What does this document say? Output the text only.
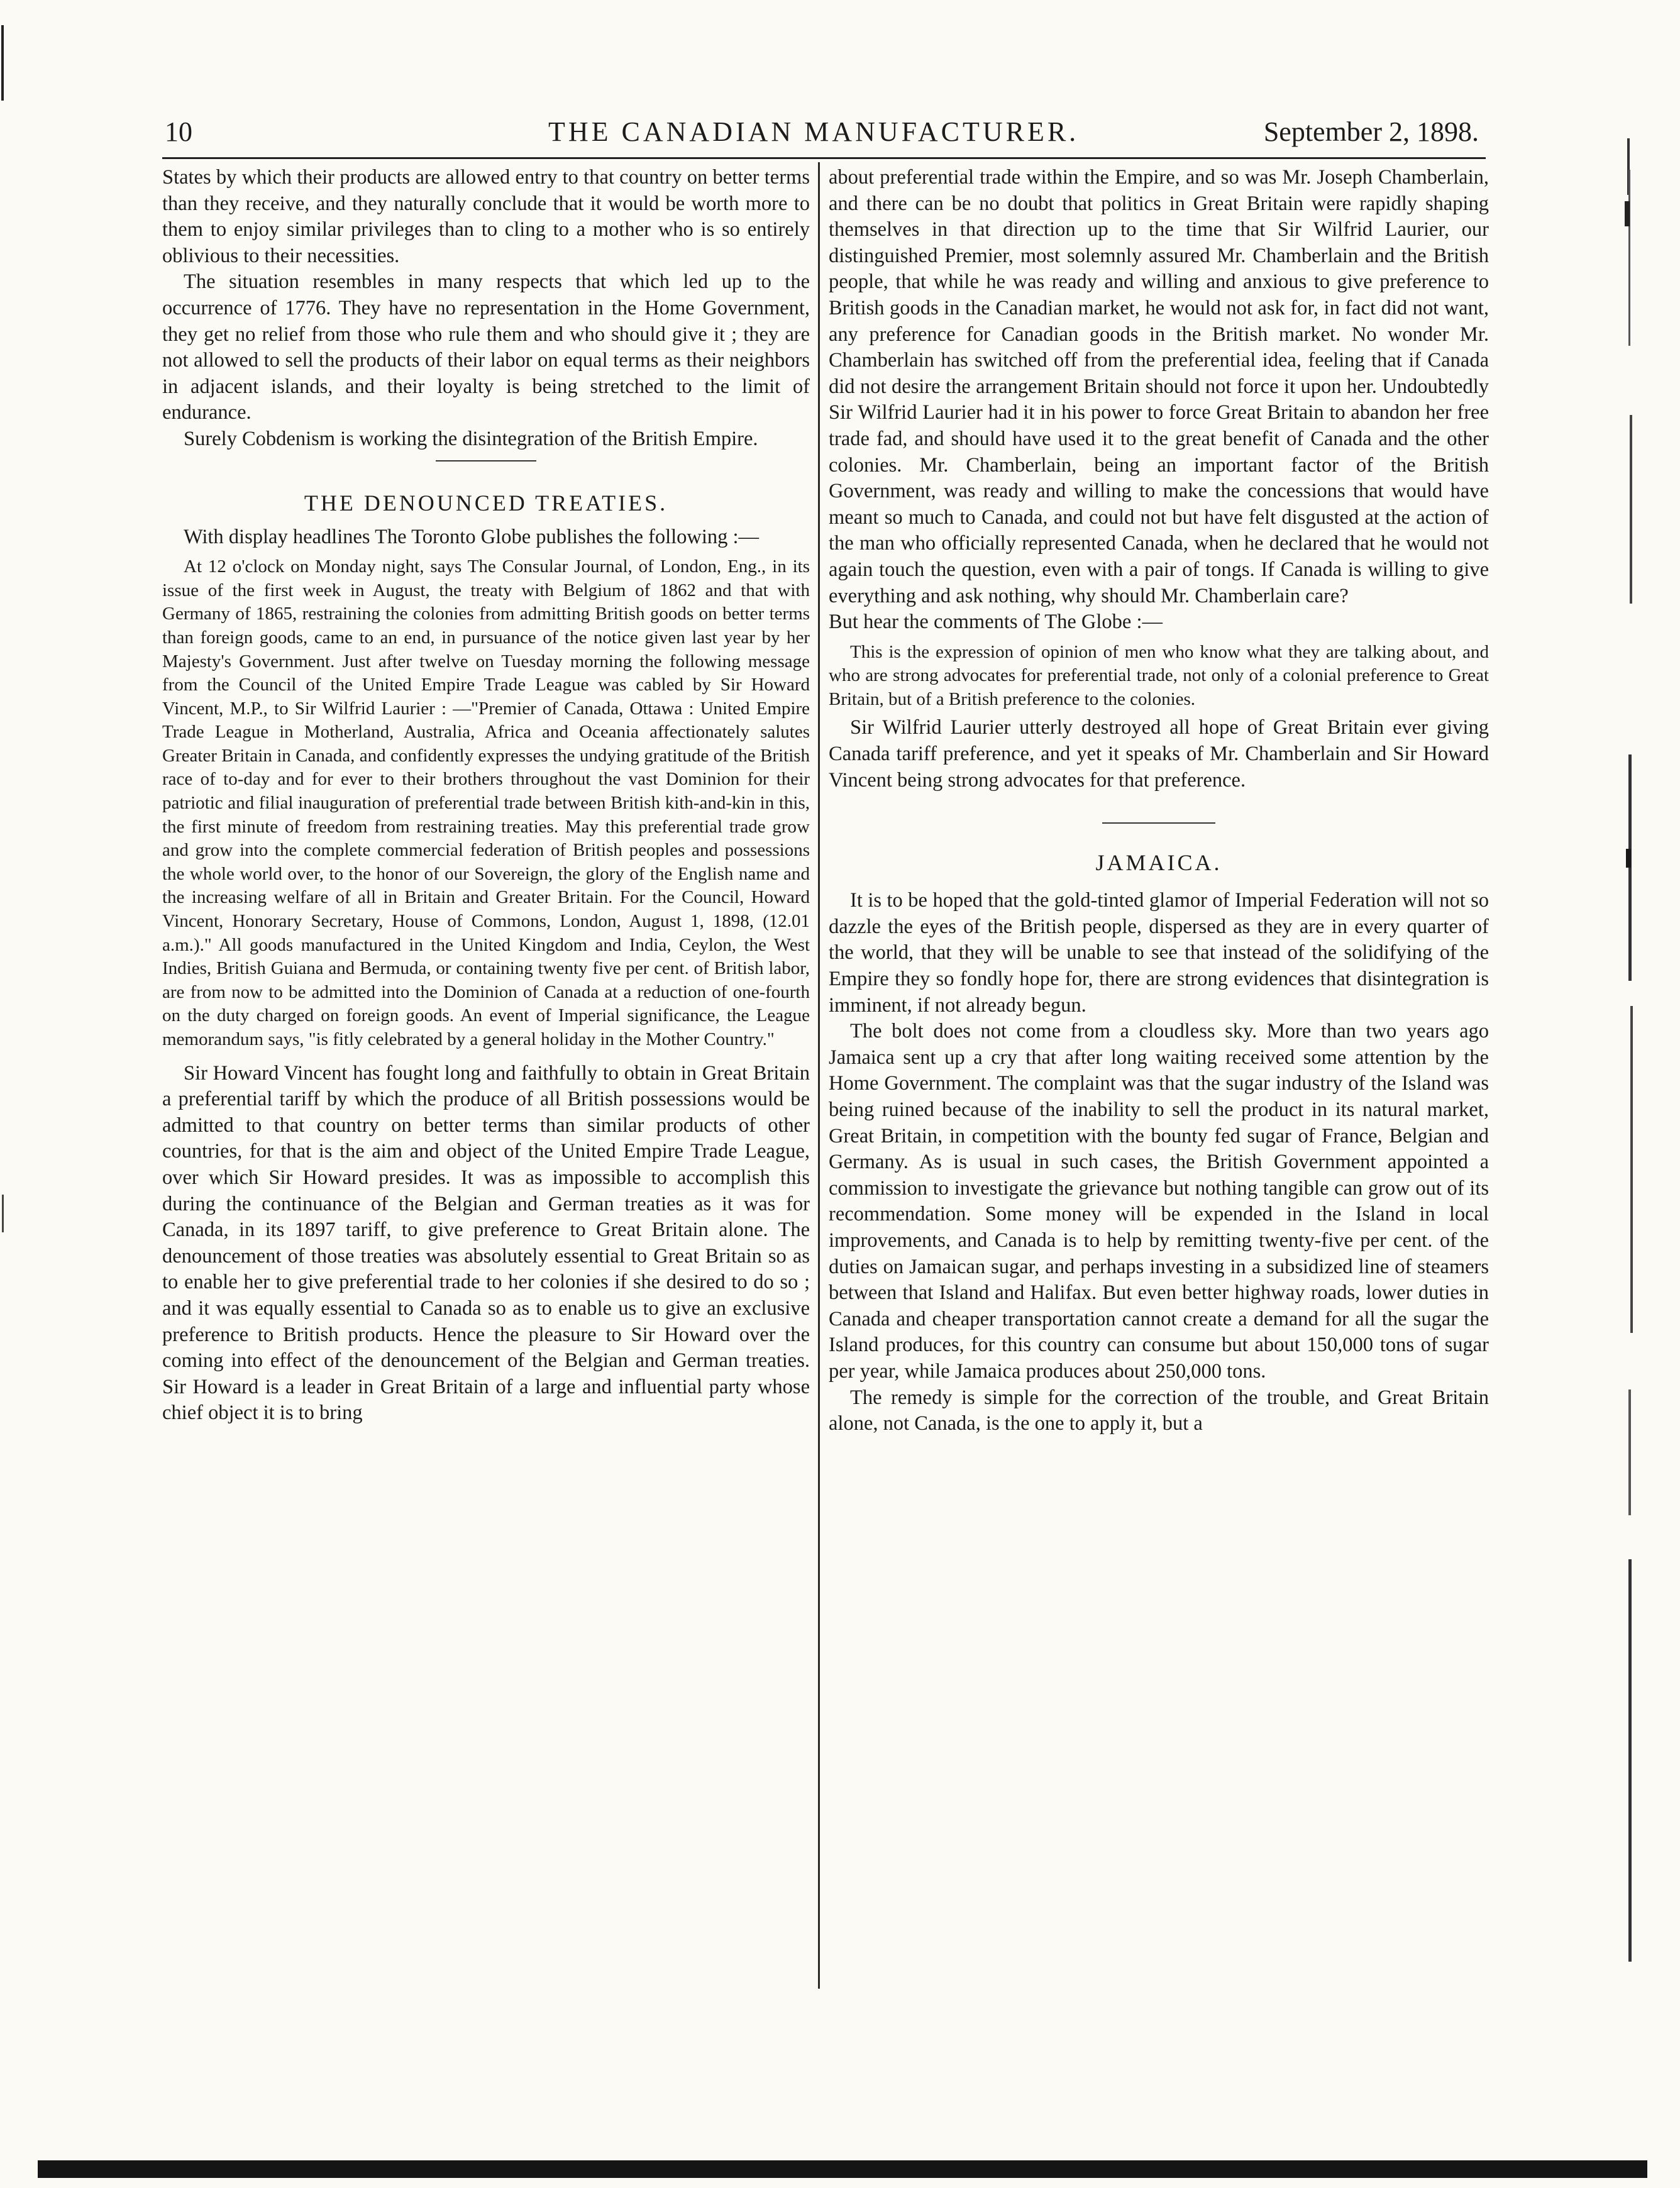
10	THE CANADIAN MANUFACTURER.	September 2, 1898.

States by which their products are allowed entry to that country on better terms than they receive, and they naturally conclude that it would be worth more to them to enjoy similar privileges than to cling to a mother who is so entirely oblivious to their necessities.

The situation resembles in many respects that which led up to the occurrence of 1776. They have no representation in the Home Government, they get no relief from those who rule them and who should give it ; they are not allowed to sell the products of their labor on equal terms as their neighbors in adjacent islands, and their loyalty is being stretched to the limit of endurance.

Surely Cobdenism is working the disintegration of the British Empire.

THE DENOUNCED TREATIES.

With display headlines The Toronto Globe publishes the following :—

At 12 o'clock on Monday night, says The Consular Journal, of London, Eng., in its issue of the first week in August, the treaty with Belgium of 1862 and that with Germany of 1865, restraining the colonies from admitting British goods on better terms than foreign goods, came to an end, in pursuance of the notice given last year by her Majesty's Government. Just after twelve on Tuesday morning the following message from the Council of the United Empire Trade League was cabled by Sir Howard Vincent, M.P., to Sir Wilfrid Laurier : —"Premier of Canada, Ottawa : United Empire Trade League in Motherland, Australia, Africa and Oceania affectionately salutes Greater Britain in Canada, and confidently expresses the undying gratitude of the British race of to-day and for ever to their brothers throughout the vast Dominion for their patriotic and filial inauguration of preferential trade between British kith-and-kin in this, the first minute of freedom from restraining treaties. May this preferential trade grow and grow into the complete commercial federation of British peoples and possessions the whole world over, to the honor of our Sovereign, the glory of the English name and the increasing welfare of all in Britain and Greater Britain. For the Council, Howard Vincent, Honorary Secretary, House of Commons, London, August 1, 1898, (12.01 a.m.)." All goods manufactured in the United Kingdom and India, Ceylon, the West Indies, British Guiana and Bermuda, or containing twenty five per cent. of British labor, are from now to be admitted into the Dominion of Canada at a reduction of one-fourth on the duty charged on foreign goods. An event of Imperial significance, the League memorandum says, "is fitly celebrated by a general holiday in the Mother Country."

Sir Howard Vincent has fought long and faithfully to obtain in Great Britain a preferential tariff by which the produce of all British possessions would be admitted to that country on better terms than similar products of other countries, for that is the aim and object of the United Empire Trade League, over which Sir Howard presides. It was as impossible to accomplish this during the continuance of the Belgian and German treaties as it was for Canada, in its 1897 tariff, to give preference to Great Britain alone. The denouncement of those treaties was absolutely essential to Great Britain so as to enable her to give preferential trade to her colonies if she desired to do so ; and it was equally essential to Canada so as to enable us to give an exclusive preference to British products. Hence the pleasure to Sir Howard over the coming into effect of the denouncement of the Belgian and German treaties. Sir Howard is a leader in Great Britain of a large and influential party whose chief object it is to bring

about preferential trade within the Empire, and so was Mr. Joseph Chamberlain, and there can be no doubt that politics in Great Britain were rapidly shaping themselves in that direction up to the time that Sir Wilfrid Laurier, our distinguished Premier, most solemnly assured Mr. Chamberlain and the British people, that while he was ready and willing and anxious to give preference to British goods in the Canadian market, he would not ask for, in fact did not want, any preference for Canadian goods in the British market. No wonder Mr. Chamberlain has switched off from the preferential idea, feeling that if Canada did not desire the arrangement Britain should not force it upon her. Undoubtedly Sir Wilfrid Laurier had it in his power to force Great Britain to abandon her free trade fad, and should have used it to the great benefit of Canada and the other colonies. Mr. Chamberlain, being an important factor of the British Government, was ready and willing to make the concessions that would have meant so much to Canada, and could not but have felt disgusted at the action of the man who officially represented Canada, when he declared that he would not again touch the question, even with a pair of tongs. If Canada is willing to give everything and ask nothing, why should Mr. Chamberlain care?

But hear the comments of The Globe :—

This is the expression of opinion of men who know what they are talking about, and who are strong advocates for preferential trade, not only of a colonial preference to Great Britain, but of a British preference to the colonies.

Sir Wilfrid Laurier utterly destroyed all hope of Great Britain ever giving Canada tariff preference, and yet it speaks of Mr. Chamberlain and Sir Howard Vincent being strong advocates for that preference.

JAMAICA.

It is to be hoped that the gold-tinted glamor of Imperial Federation will not so dazzle the eyes of the British people, dispersed as they are in every quarter of the world, that they will be unable to see that instead of the solidifying of the Empire they so fondly hope for, there are strong evidences that disintegration is imminent, if not already begun.

The bolt does not come from a cloudless sky. More than two years ago Jamaica sent up a cry that after long waiting received some attention by the Home Government. The complaint was that the sugar industry of the Island was being ruined because of the inability to sell the product in its natural market, Great Britain, in competition with the bounty fed sugar of France, Belgian and Germany. As is usual in such cases, the British Government appointed a commission to investigate the grievance but nothing tangible can grow out of its recommendation. Some money will be expended in the Island in local improvements, and Canada is to help by remitting twenty-five per cent. of the duties on Jamaican sugar, and perhaps investing in a subsidized line of steamers between that Island and Halifax. But even better highway roads, lower duties in Canada and cheaper transportation cannot create a demand for all the sugar the Island produces, for this country can consume but about 150,000 tons of sugar per year, while Jamaica produces about 250,000 tons.

The remedy is simple for the correction of the trouble, and Great Britain alone, not Canada, is the one to apply it, but a
